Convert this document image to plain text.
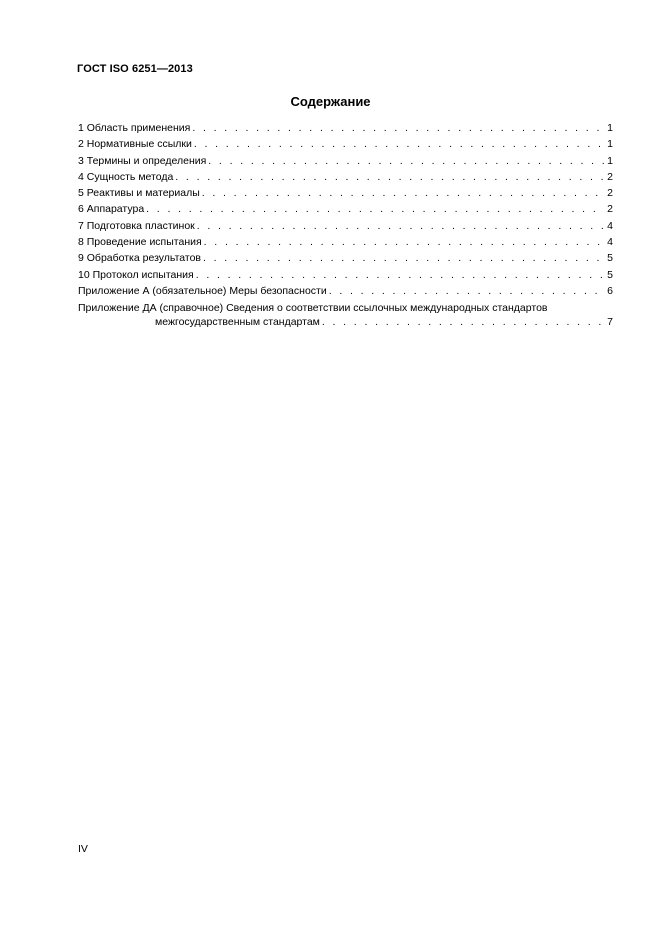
ГОСТ ISO 6251—2013
Содержание
1 Область применения . . .	1
2 Нормативные ссылки . . .	1
3 Термины и определения . . .	1
4 Сущность метода . . .	2
5 Реактивы и материалы . . .	2
6 Аппаратура . . .	2
7 Подготовка пластинок . . .	4
8 Проведение испытания . . .	4
9 Обработка результатов . . .	5
10 Протокол испытания . . .	5
Приложение А (обязательное) Меры безопасности . . .	6
Приложение ДА (справочное) Сведения о соответствии ссылочных международных стандартов
межгосударственным стандартам . . .	7
IV
